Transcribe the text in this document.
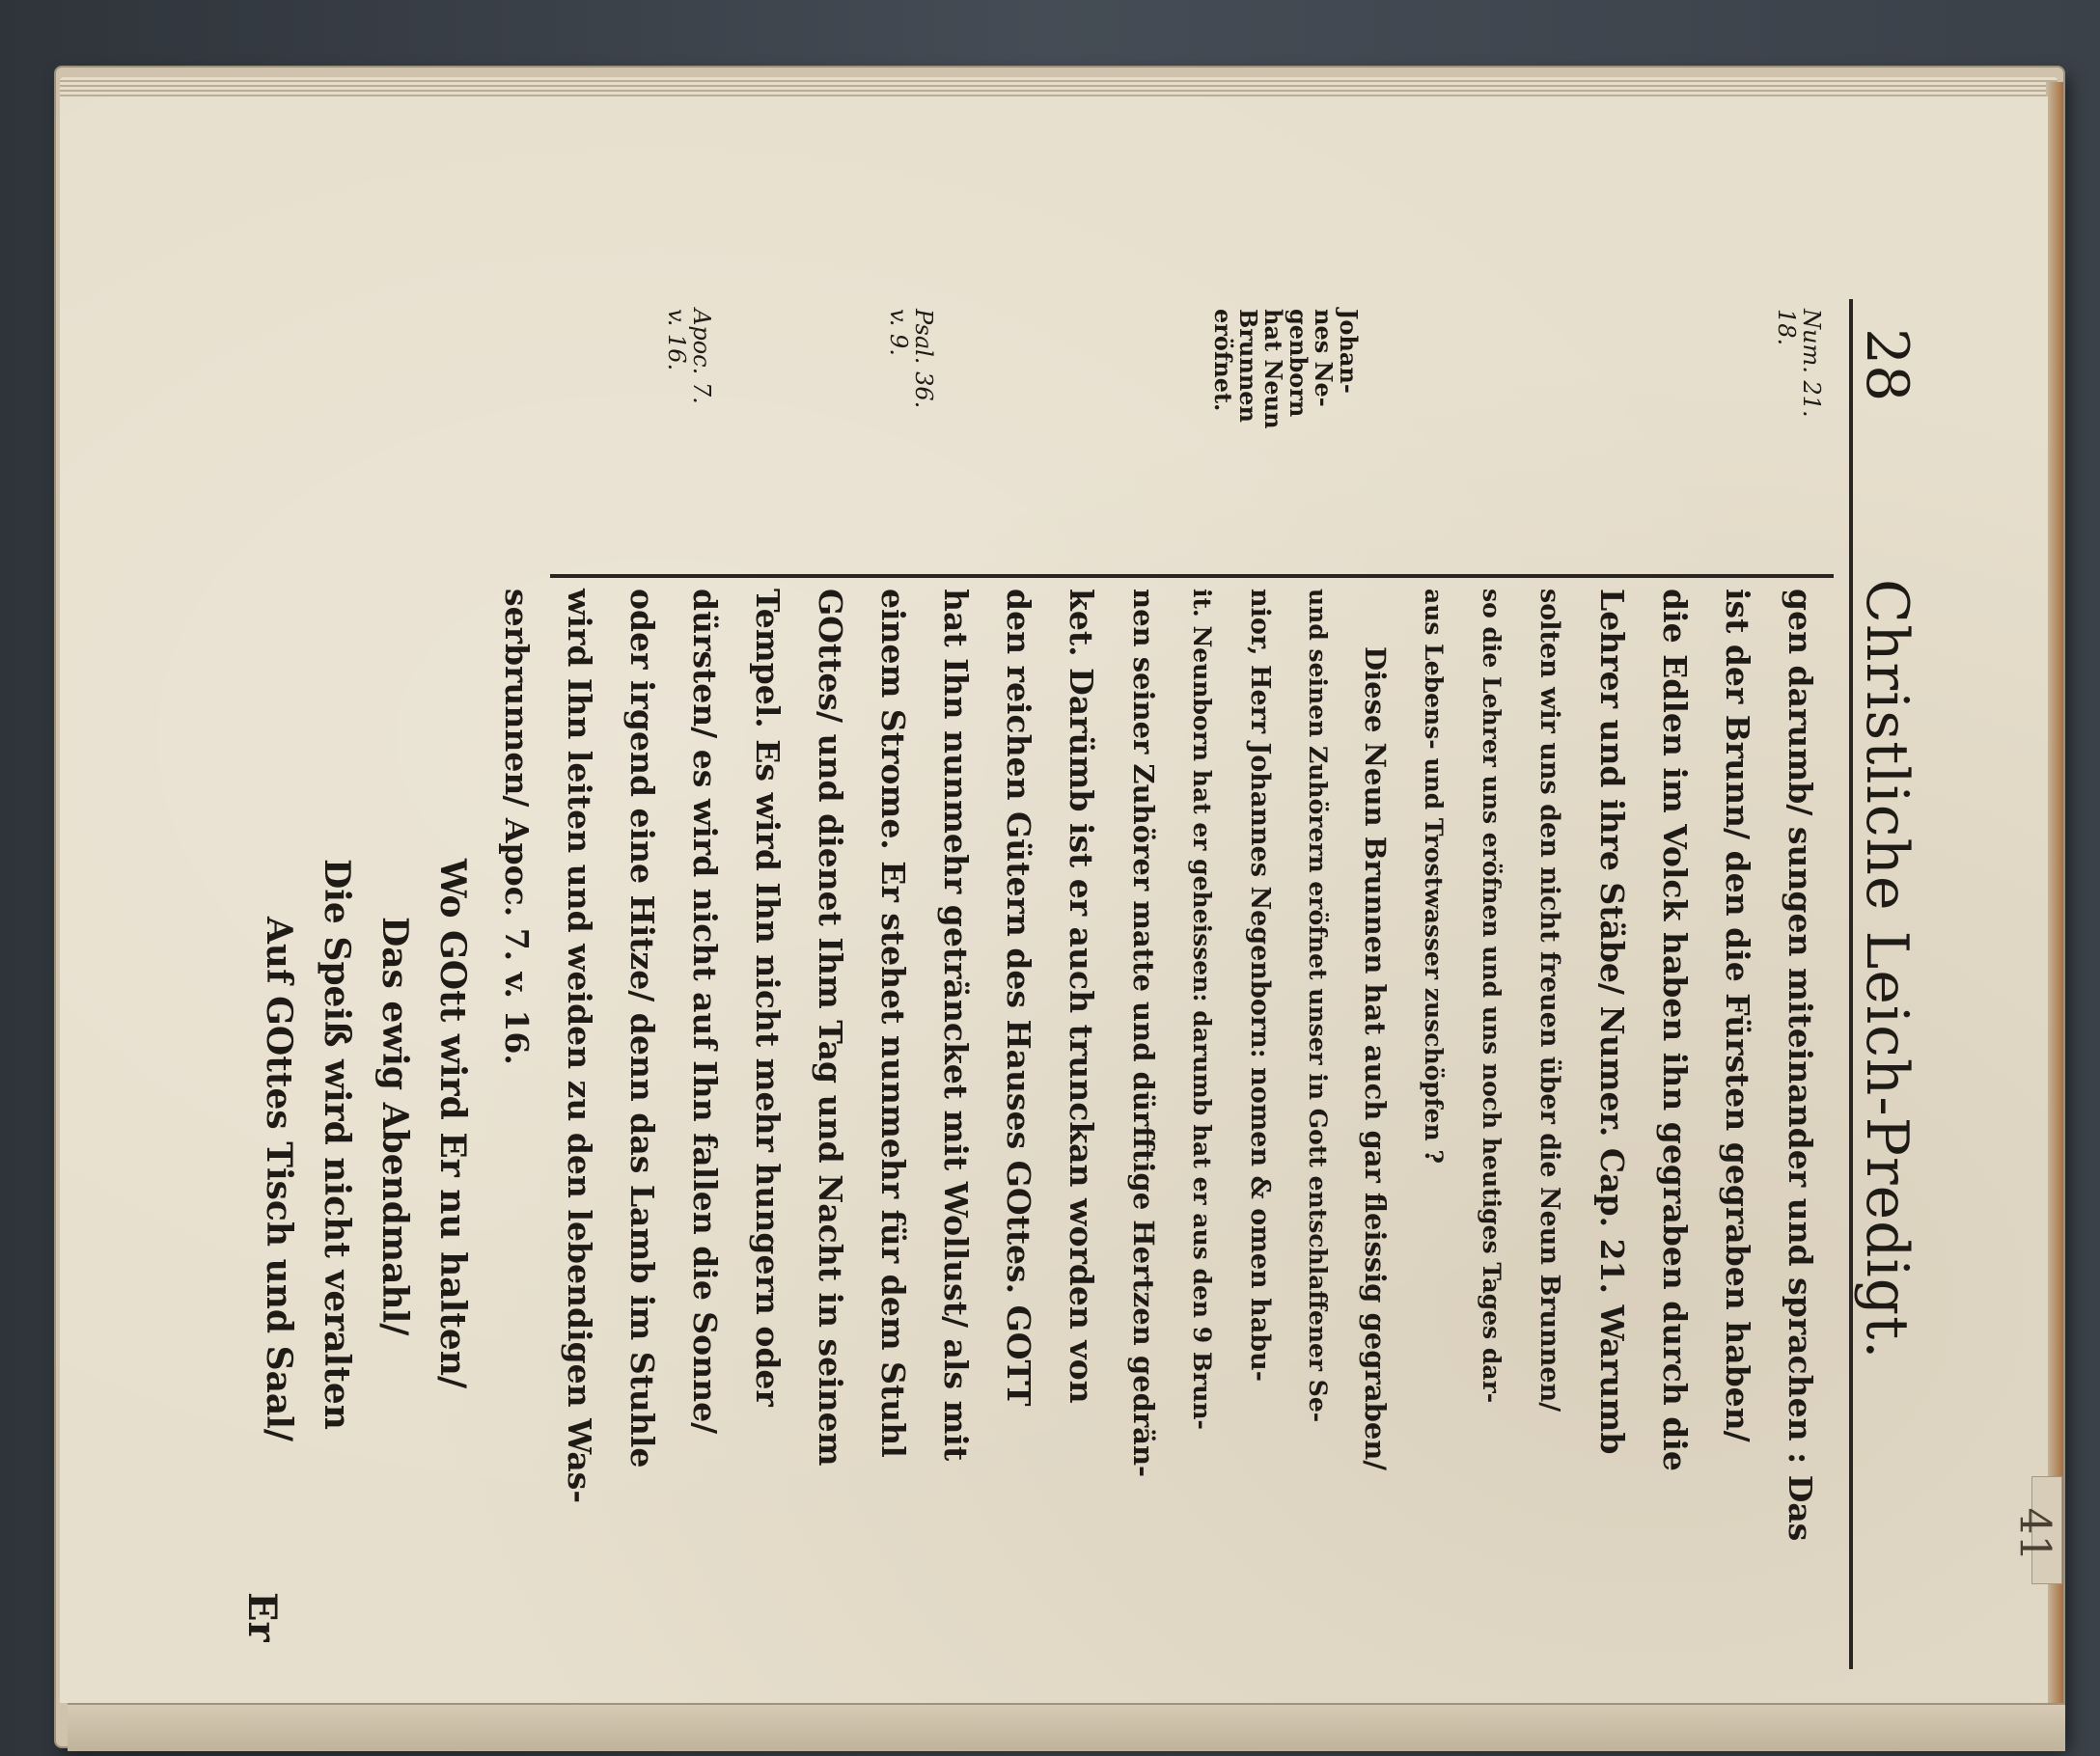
41
28
Christliche Leich-Predigt.
Num. 21.
18.
Johan-
nes Ne-
genborn
hat Neun
Brunnen
eröfnet.
Psal. 36.
v. 9.
Apoc. 7.
v. 16.
gen darumb/ sungen miteinander und sprachen : Das
ist der Brunn/ den die Fürsten gegraben haben/
die Edlen im Volck haben ihn gegraben durch die
Lehrer und ihre Stäbe/ Numer. Cap. 21. Warumb
solten wir uns den nicht freuen über die Neun Brunnen/
so die Lehrer uns eröfnen und uns noch heutiges Tages dar-
aus Lebens- und Trostwasser zuschöpfen ?
Diese Neun Brunnen hat auch gar fleissig gegraben/
und seinen Zuhörern eröfnet unser in Gott entschlaffener Se-
nior, Herr Johannes Negenborn: nomen & omen habu-
it. Neunborn hat er geheissen: darumb hat er aus den 9 Brun-
nen seiner Zuhörer matte und dürfftige Hertzen gedrän-
ket. Darümb ist er auch trunckan worden von
den reichen Gütern des Hauses GOttes. GOTT
hat Ihn nunmehr geträncket mit Wollust/ als mit
einem Strome. Er stehet nunmehr für dem Stuhl
GOttes/ und dienet Ihm Tag und Nacht in seinem
Tempel. Es wird Ihn nicht mehr hungern oder
dürsten/ es wird nicht auf Ihn fallen die Sonne/
oder irgend eine Hitze/ denn das Lamb im Stuhle
wird Ihn leiten und weiden zu den lebendigen Was-
serbrunnen/ Apoc. 7. v. 16.
Wo GOtt wird Er nu halten/
Das ewig Abendmahl/
Die Speiß wird nicht veralten
Auf GOttes Tisch und Saal/
Er
